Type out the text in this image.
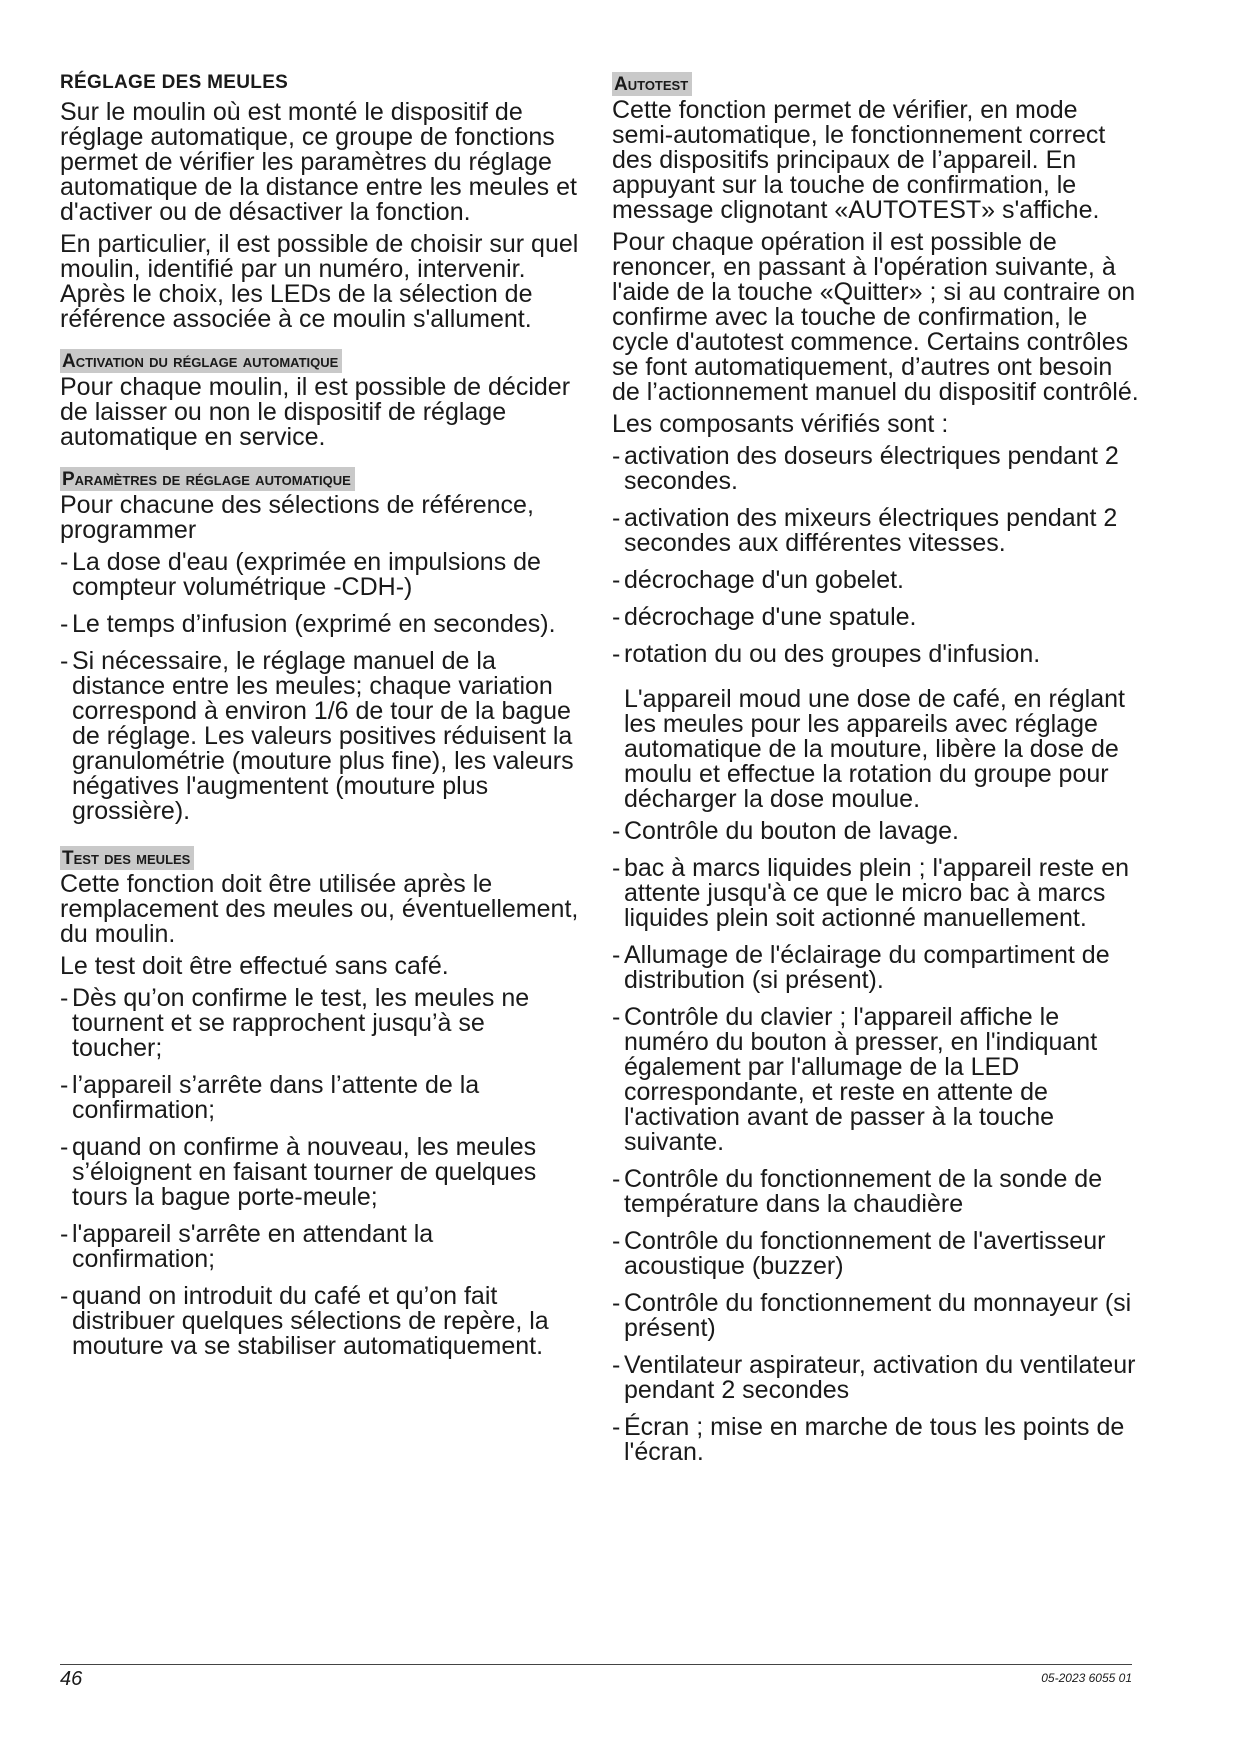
RÉGLAGE DES MEULES

Sur le moulin où est monté le dispositif de réglage automatique, ce groupe de fonctions permet de vérifier les paramètres du réglage automatique de la distance entre les meules et d'activer ou de désactiver la fonction.

En particulier, il est possible de choisir sur quel moulin, identifié par un numéro, intervenir. Après le choix, les LEDs de la sélection de référence associée à ce moulin s'allument.

Activation du réglage automatique

Pour chaque moulin, il est possible de décider de laisser ou non le dispositif de réglage automatique en service.

Paramètres de réglage automatique

Pour chacune des sélections de référence, programmer

- La dose d'eau (exprimée en impulsions de compteur volumétrique -CDH-)
- Le temps d’infusion (exprimé en secondes).
- Si nécessaire, le réglage manuel de la distance entre les meules; chaque variation correspond à environ 1/6 de tour de la bague de réglage. Les valeurs positives réduisent la granulométrie (mouture plus fine), les valeurs négatives l'augmentent (mouture plus grossière).
Test des meules

Cette fonction doit être utilisée après le remplacement des meules ou, éventuellement, du moulin.

Le test doit être effectué sans café.

- Dès qu’on confirme le test, les meules ne tournent et se rapprochent jusqu’à se toucher;
- l’appareil s’arrête dans l’attente de la confirmation;
- quand on confirme à nouveau, les meules s’éloignent en faisant tourner de quelques tours la bague porte-meule;
- l'appareil s'arrête en attendant la confirmation;
- quand on introduit du café et qu’on fait distribuer quelques sélections de repère, la mouture va se stabiliser automatiquement.
Autotest

Cette fonction permet de vérifier, en mode semi-automatique, le fonctionnement correct des dispositifs principaux de l’appareil. En appuyant sur la touche de confirmation, le message clignotant «AUTOTEST» s'affiche.

Pour chaque opération il est possible de renoncer, en passant à l'opération suivante, à l'aide de la touche «Quitter» ; si au contraire on confirme avec la touche de confirmation, le cycle d'autotest commence. Certains contrôles se font automatiquement, d’autres ont besoin de l’actionnement manuel du dispositif contrôlé.

Les composants vérifiés sont :

- activation des doseurs électriques pendant 2 secondes.
- activation des mixeurs électriques pendant 2 secondes aux différentes vitesses.
- décrochage d'un gobelet.
- décrochage d'une spatule.
- rotation du ou des groupes d'infusion.

L'appareil moud une dose de café, en réglant les meules pour les appareils avec réglage automatique de la mouture, libère la dose de moulu et effectue la rotation du groupe pour décharger la dose moulue.

- Contrôle du bouton de lavage.
- bac à marcs liquides plein ; l'appareil reste en attente jusqu'à ce que le micro bac à marcs liquides plein soit actionné manuellement.
- Allumage de l'éclairage du compartiment de distribution (si présent).
- Contrôle du clavier ; l'appareil affiche le numéro du bouton à presser, en l'indiquant également par l'allumage de la LED correspondante, et reste en attente de l'activation avant de passer à la touche suivante.
- Contrôle du fonctionnement de la sonde de température dans la chaudière
- Contrôle du fonctionnement de l'avertisseur acoustique (buzzer)
- Contrôle du fonctionnement du monnayeur (si présent)
- Ventilateur aspirateur, activation du ventilateur pendant 2 secondes
- Écran ; mise en marche de tous les points de l'écran.
46	05-2023 6055 01
